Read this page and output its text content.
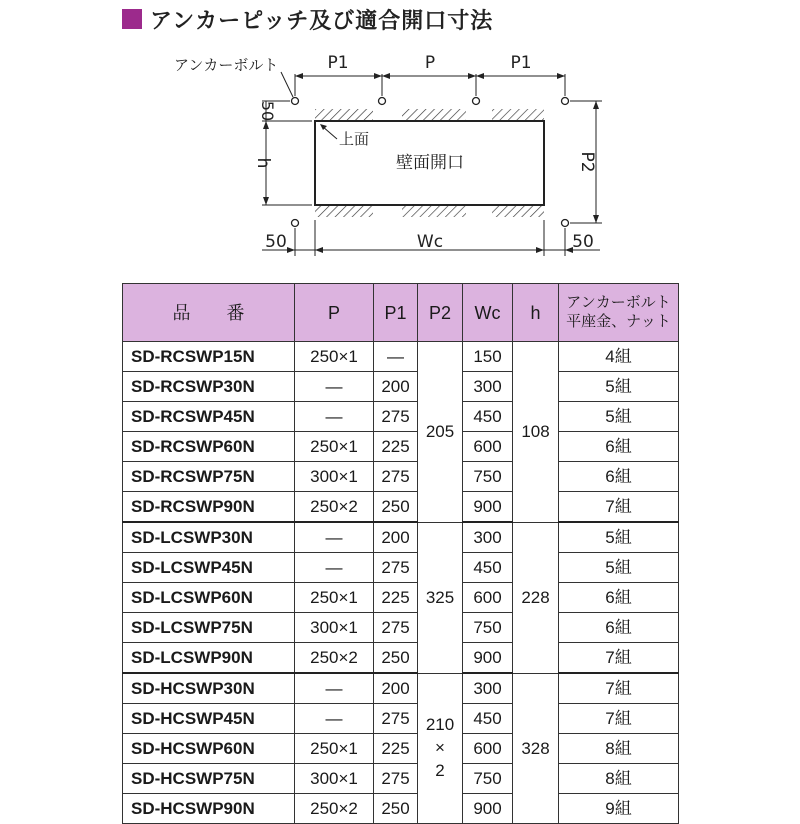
アンカーピッチ及び適合開口寸法
P1	P	P1
アンカーボルト
50
h	P2
上面
壁面開口
50	Wc	50
品　　番	P	P1	P2	Wc	h	アンカーボルト
平座金、ナット
SD-RCSWP15N	250×1	—	205	150	108	4組
SD-RCSWP30N	—	200		300		5組
SD-RCSWP45N	—	275		450		5組
SD-RCSWP60N	250×1	225		600		6組
SD-RCSWP75N	300×1	275		750		6組
SD-RCSWP90N	250×2	250		900		7組
SD-LCSWP30N	—	200	325	300	228	5組
SD-LCSWP45N	—	275		450		5組
SD-LCSWP60N	250×1	225		600		6組
SD-LCSWP75N	300×1	275		750		6組
SD-LCSWP90N	250×2	250		900		7組
SD-HCSWP30N	—	200	210
×
2	300	328	7組
SD-HCSWP45N	—	275		450		7組
SD-HCSWP60N	250×1	225		600		8組
SD-HCSWP75N	300×1	275		750		8組
SD-HCSWP90N	250×2	250		900		9組
